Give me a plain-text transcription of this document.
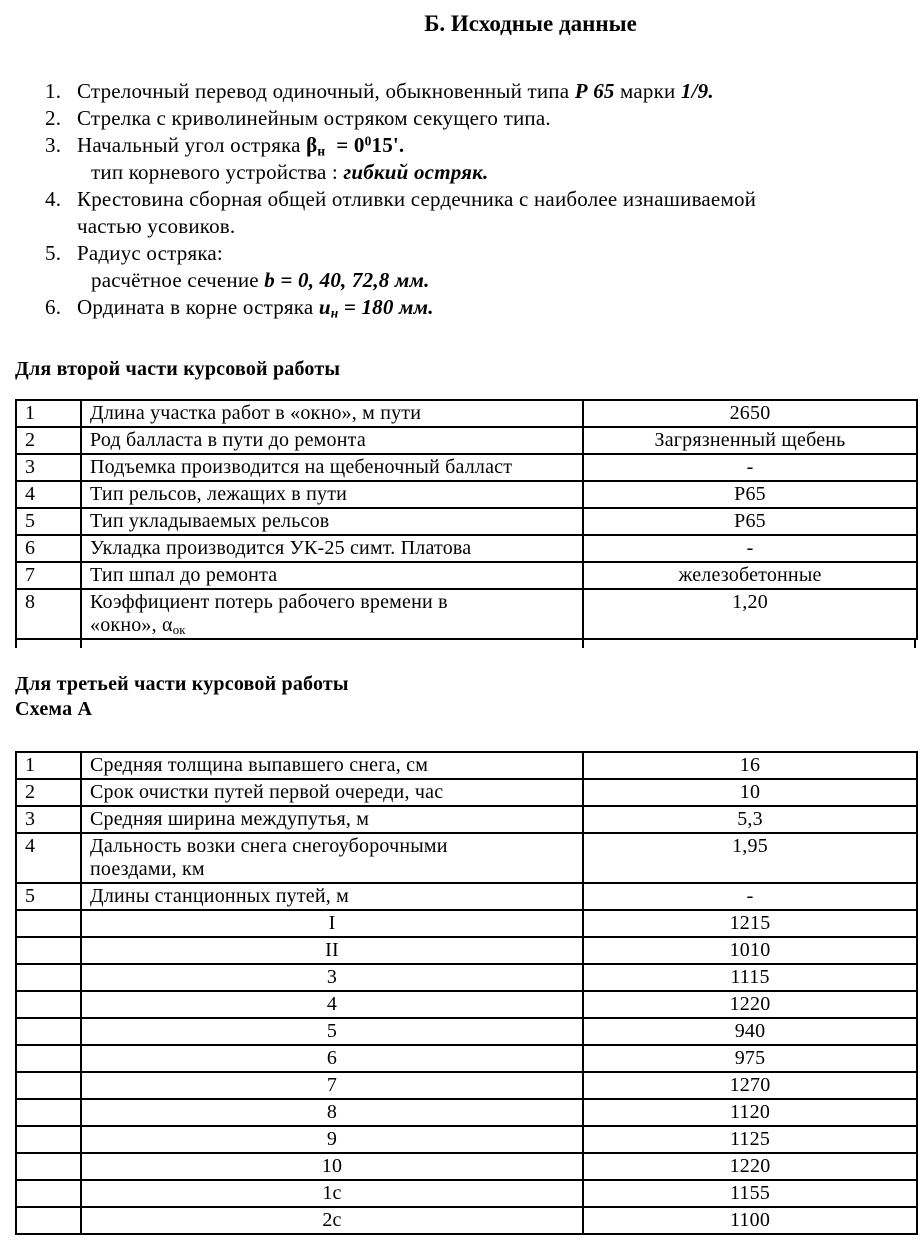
Б. Исходные данные
1. Стрелочный перевод одиночный, обыкновенный типа Р 65 марки 1/9.
2. Стрелка с криволинейным остряком секущего типа.
3. Начальный угол остряка $\beta_н = 0^015'$.
тип корневого устройства : гибкий остряк.
4. Крестовина сборная общей отливки сердечника с наиболее изнашиваемой
частью усовиков.
5. Радиус остряка:
расчётное сечение b = 0, 40, 72,8 мм.
6. Ордината в корне остряка $и_н = 180$ мм.
Для второй части курсовой работы
1	Длина участка работ в «окно», м пути	2650
2	Род балласта в пути до ремонта	Загрязненный щебень
3	Подъемка производится на щебеночный балласт	-
4	Тип рельсов, лежащих в пути	Р65
5	Тип укладываемых рельсов	Р65
6	Укладка производится УК-25 симт. Платова	-
7	Тип шпал до ремонта	железобетонные
8	Коэффициент потерь рабочего времени в
«окно», $\alpha_{ок}$	1,20
Для третьей части курсовой работы
Схема А
1	Средняя толщина выпавшего снега, см	16
2	Срок очистки путей первой очереди, час	10
3	Средняя ширина междупутья, м	5,3
4	Дальность возки снега снегоуборочными
поездами, км	1,95
5	Длины станционных путей, м	-
	I	1215
	II	1010
	3	1115
	4	1220
	5	940
	6	975
	7	1270
	8	1120
	9	1125
	10	1220
	1с	1155
	2с	1100
